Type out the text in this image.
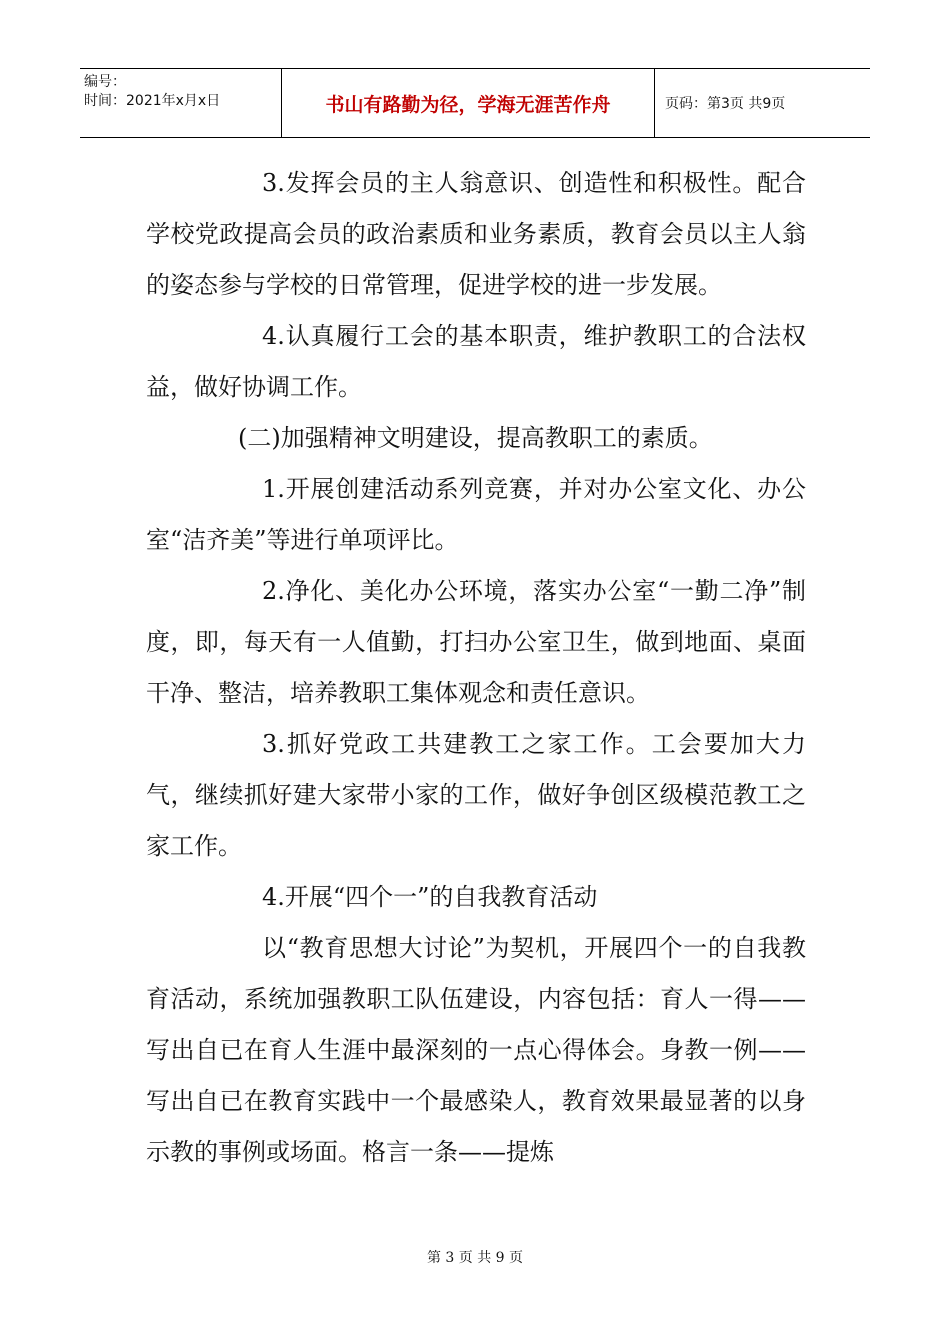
编号：
时间：2021年x月x日	书山有路勤为径，学海无涯苦作舟	页码：第3页 共9页

3.发挥会员的主人翁意识、创造性和积极性。配合学校党政提高会员的政治素质和业务素质，教育会员以主人翁的姿态参与学校的日常管理，促进学校的进一步发展。

4.认真履行工会的基本职责，维护教职工的合法权益，做好协调工作。

(二)加强精神文明建设，提高教职工的素质。

1.开展创建活动系列竞赛，并对办公室文化、办公室“洁齐美”等进行单项评比。

2.净化、美化办公环境，落实办公室“一勤二净”制度，即，每天有一人值勤，打扫办公室卫生，做到地面、桌面干净、整洁，培养教职工集体观念和责任意识。

3.抓好党政工共建教工之家工作。工会要加大力气，继续抓好建大家带小家的工作，做好争创区级模范教工之家工作。

4.开展“四个一”的自我教育活动

以“教育思想大讨论”为契机，开展四个一的自我教育活动，系统加强教职工队伍建设，内容包括：育人一得——写出自已在育人生涯中最深刻的一点心得体会。身教一例——写出自已在教育实践中一个最感染人，教育效果最显著的以身示教的事例或场面。格言一条——提炼

第 3 页 共 9 页
